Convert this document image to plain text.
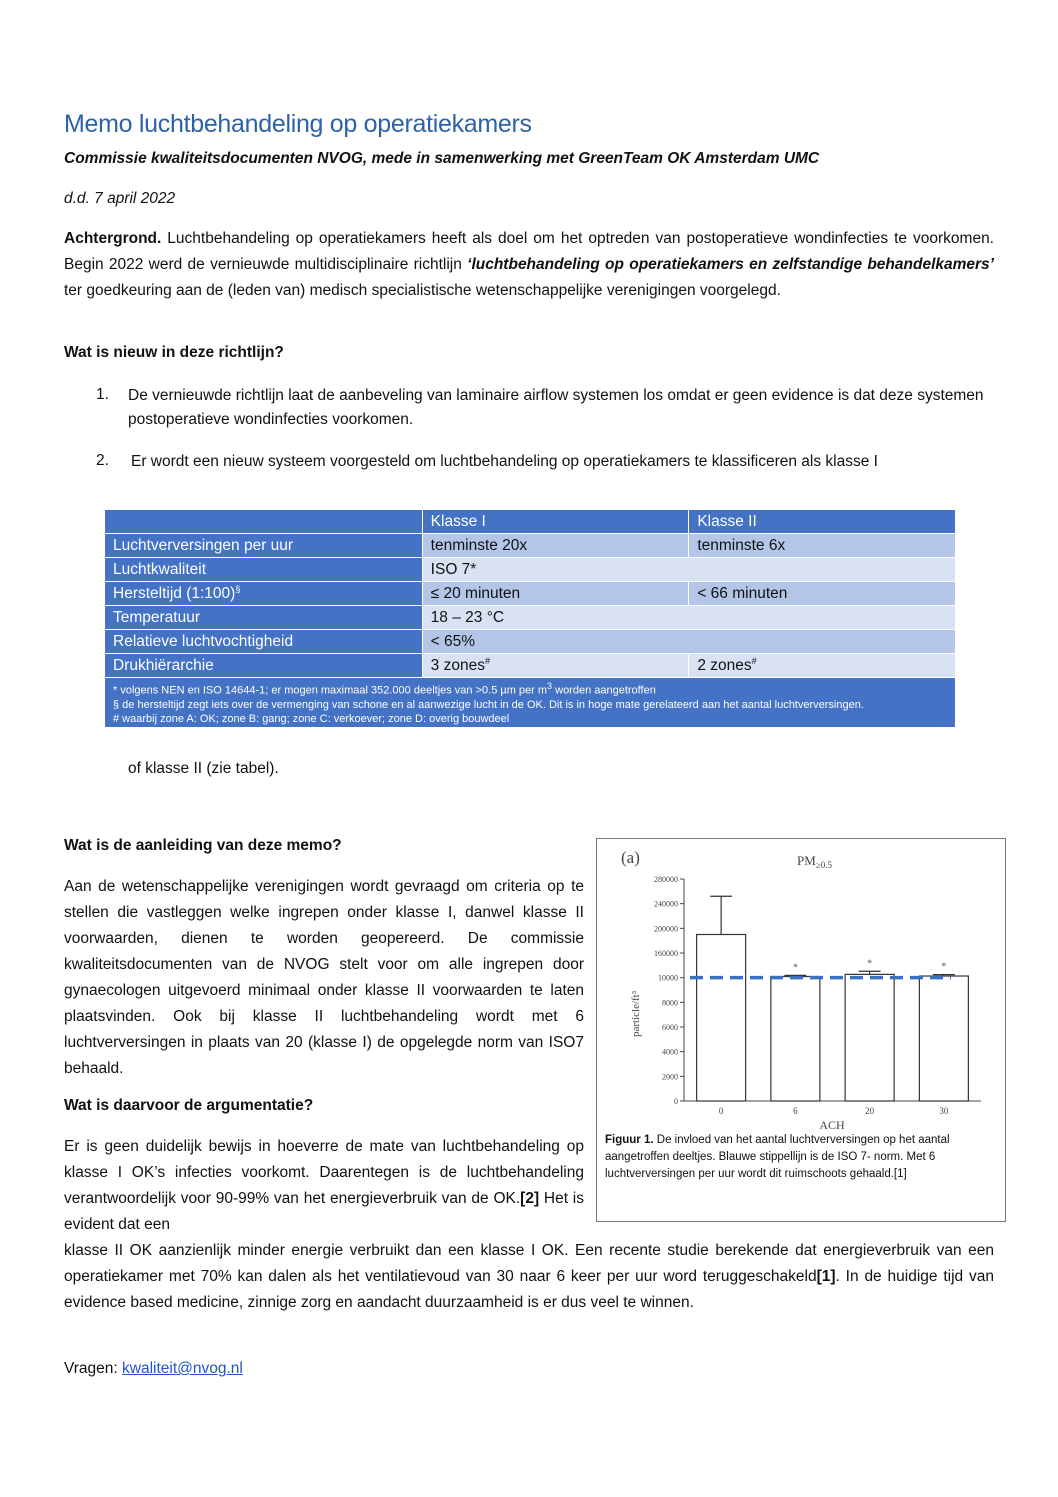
Memo luchtbehandeling op operatiekamers
Commissie kwaliteitsdocumenten NVOG, mede in samenwerking met GreenTeam OK Amsterdam UMC
d.d. 7 april 2022
Achtergrond. Luchtbehandeling op operatiekamers heeft als doel om het optreden van postoperatieve wondinfecties te voorkomen. Begin 2022 werd de vernieuwde multidisciplinaire richtlijn ‘luchtbehandeling op operatiekamers en zelfstandige behandelkamers’ ter goedkeuring aan de (leden van) medisch specialistische wetenschappelijke verenigingen voorgelegd.
Wat is nieuw in deze richtlijn?
1. De vernieuwde richtlijn laat de aanbeveling van laminaire airflow systemen los omdat er geen evidence is dat deze systemen postoperatieve wondinfecties voorkomen.
2. Er wordt een nieuw systeem voorgesteld om luchtbehandeling op operatiekamers te klassificeren als klasse I
	Klasse I	Klasse II
Luchtverversingen per uur	tenminste 20x	tenminste 6x
Luchtkwaliteit	ISO 7*	
Hersteltijd (1:100)§	≤ 20 minuten	< 66 minuten
Temperatuur	18 – 23 °C	
Relatieve luchtvochtigheid	< 65%	
Drukhiërarchie	3 zones#	2 zones#

* volgens NEN en ISO 14644-1; er mogen maximaal 352.000 deeltjes van >0.5 µm per $m^3$ worden aangetroffen
§ de hersteltijd zegt iets over de vermenging van schone en al aanwezige lucht in de OK. Dit is in hoge mate gerelateerd aan het aantal luchtverversingen.
# waarbij zone A: OK; zone B: gang; zone C: verkoever; zone D: overig bouwdeel		
of klasse II (zie tabel).
Wat is de aanleiding van deze memo?
Aan de wetenschappelijke verenigingen wordt gevraagd om criteria op te stellen die vastleggen welke ingrepen onder klasse I, danwel klasse II voorwaarden, dienen te worden geopereerd. De commissie kwaliteitsdocumenten van de NVOG stelt voor om alle ingrepen door gynaecologen uitgevoerd minimaal onder klasse II voorwaarden te laten plaatsvinden. Ook bij klasse II luchtbehandeling wordt met 6 luchtverversingen in plaats van 20 (klasse I) de opgelegde norm van ISO7 behaald.
Wat is daarvoor de argumentatie?
Er is geen duidelijk bewijs in hoeverre de mate van luchtbehandeling op klasse I OK’s infecties voorkomt. Daarentegen is de luchtbehandeling verantwoordelijk voor 90-99% van het energieverbruik van de OK.[2] Het is evident dat een
klasse II OK aanzienlijk minder energie verbruikt dan een klasse I OK. Een recente studie berekende dat energieverbruik van een operatiekamer met 70% kan dalen als het ventilatievoud van 30 naar 6 keer per uur word teruggeschakeld[1]. In de huidige tijd van evidence based medicine, zinnige zorg en aandacht duurzaamheid is er dus veel te winnen.
Vragen: kwaliteit@nvog.nl
(a)	$PM_{\ge 0.5}$
0
2000
4000
6000
8000
10000
160000
200000
240000
280000
0
*
6
*
20
*
30
ACH
particle/ft³
Figuur 1. De invloed van het aantal luchtverversingen op het aantal aangetroffen deeltjes. Blauwe stippellijn is de ISO 7- norm. Met 6 luchtverversingen per uur wordt dit ruimschoots gehaald.[1]
